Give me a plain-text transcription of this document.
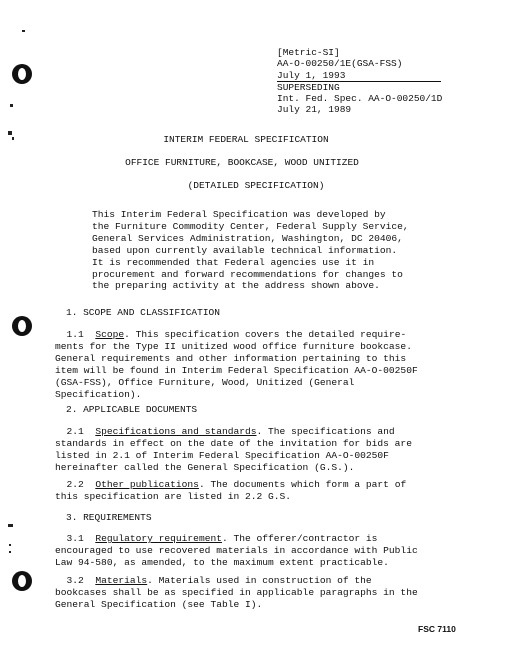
[Metric-SI]
AA-O-00250/1E(GSA-FSS)
July 1, 1993
SUPERSEDING
Int. Fed. Spec. AA-O-00250/1D
July 21, 1989
INTERIM FEDERAL SPECIFICATION
OFFICE FURNITURE, BOOKCASE, WOOD UNITIZED
(DETAILED SPECIFICATION)
This Interim Federal Specification was developed by
the Furniture Commodity Center, Federal Supply Service,
General Services Administration, Washington, DC 20406,
based upon currently available technical information.
It is recommended that Federal agencies use it in
procurement and forward recommendations for changes to
the preparing activity at the address shown above.
1. SCOPE AND CLASSIFICATION
1.1 Scope. This specification covers the detailed require-
ments for the Type II unitized wood office furniture bookcase.
General requirements and other information pertaining to this
item will be found in Interim Federal Specification AA-O-00250F
(GSA-FSS), Office Furniture, Wood, Unitized (General
Specification).
2. APPLICABLE DOCUMENTS
2.1 Specifications and standards. The specifications and
standards in effect on the date of the invitation for bids are
listed in 2.1 of Interim Federal Specification AA-O-00250F
hereinafter called the General Specification (G.S.).
2.2 Other publications. The documents which form a part of
this specification are listed in 2.2 G.S.
3. REQUIREMENTS
3.1 Regulatory requirement. The offerer/contractor is
encouraged to use recovered materials in accordance with Public
Law 94-580, as amended, to the maximum extent practicable.
3.2 Materials. Materials used in construction of the
bookcases shall be as specified in applicable paragraphs in the
General Specification (see Table I).
FSC 7110
